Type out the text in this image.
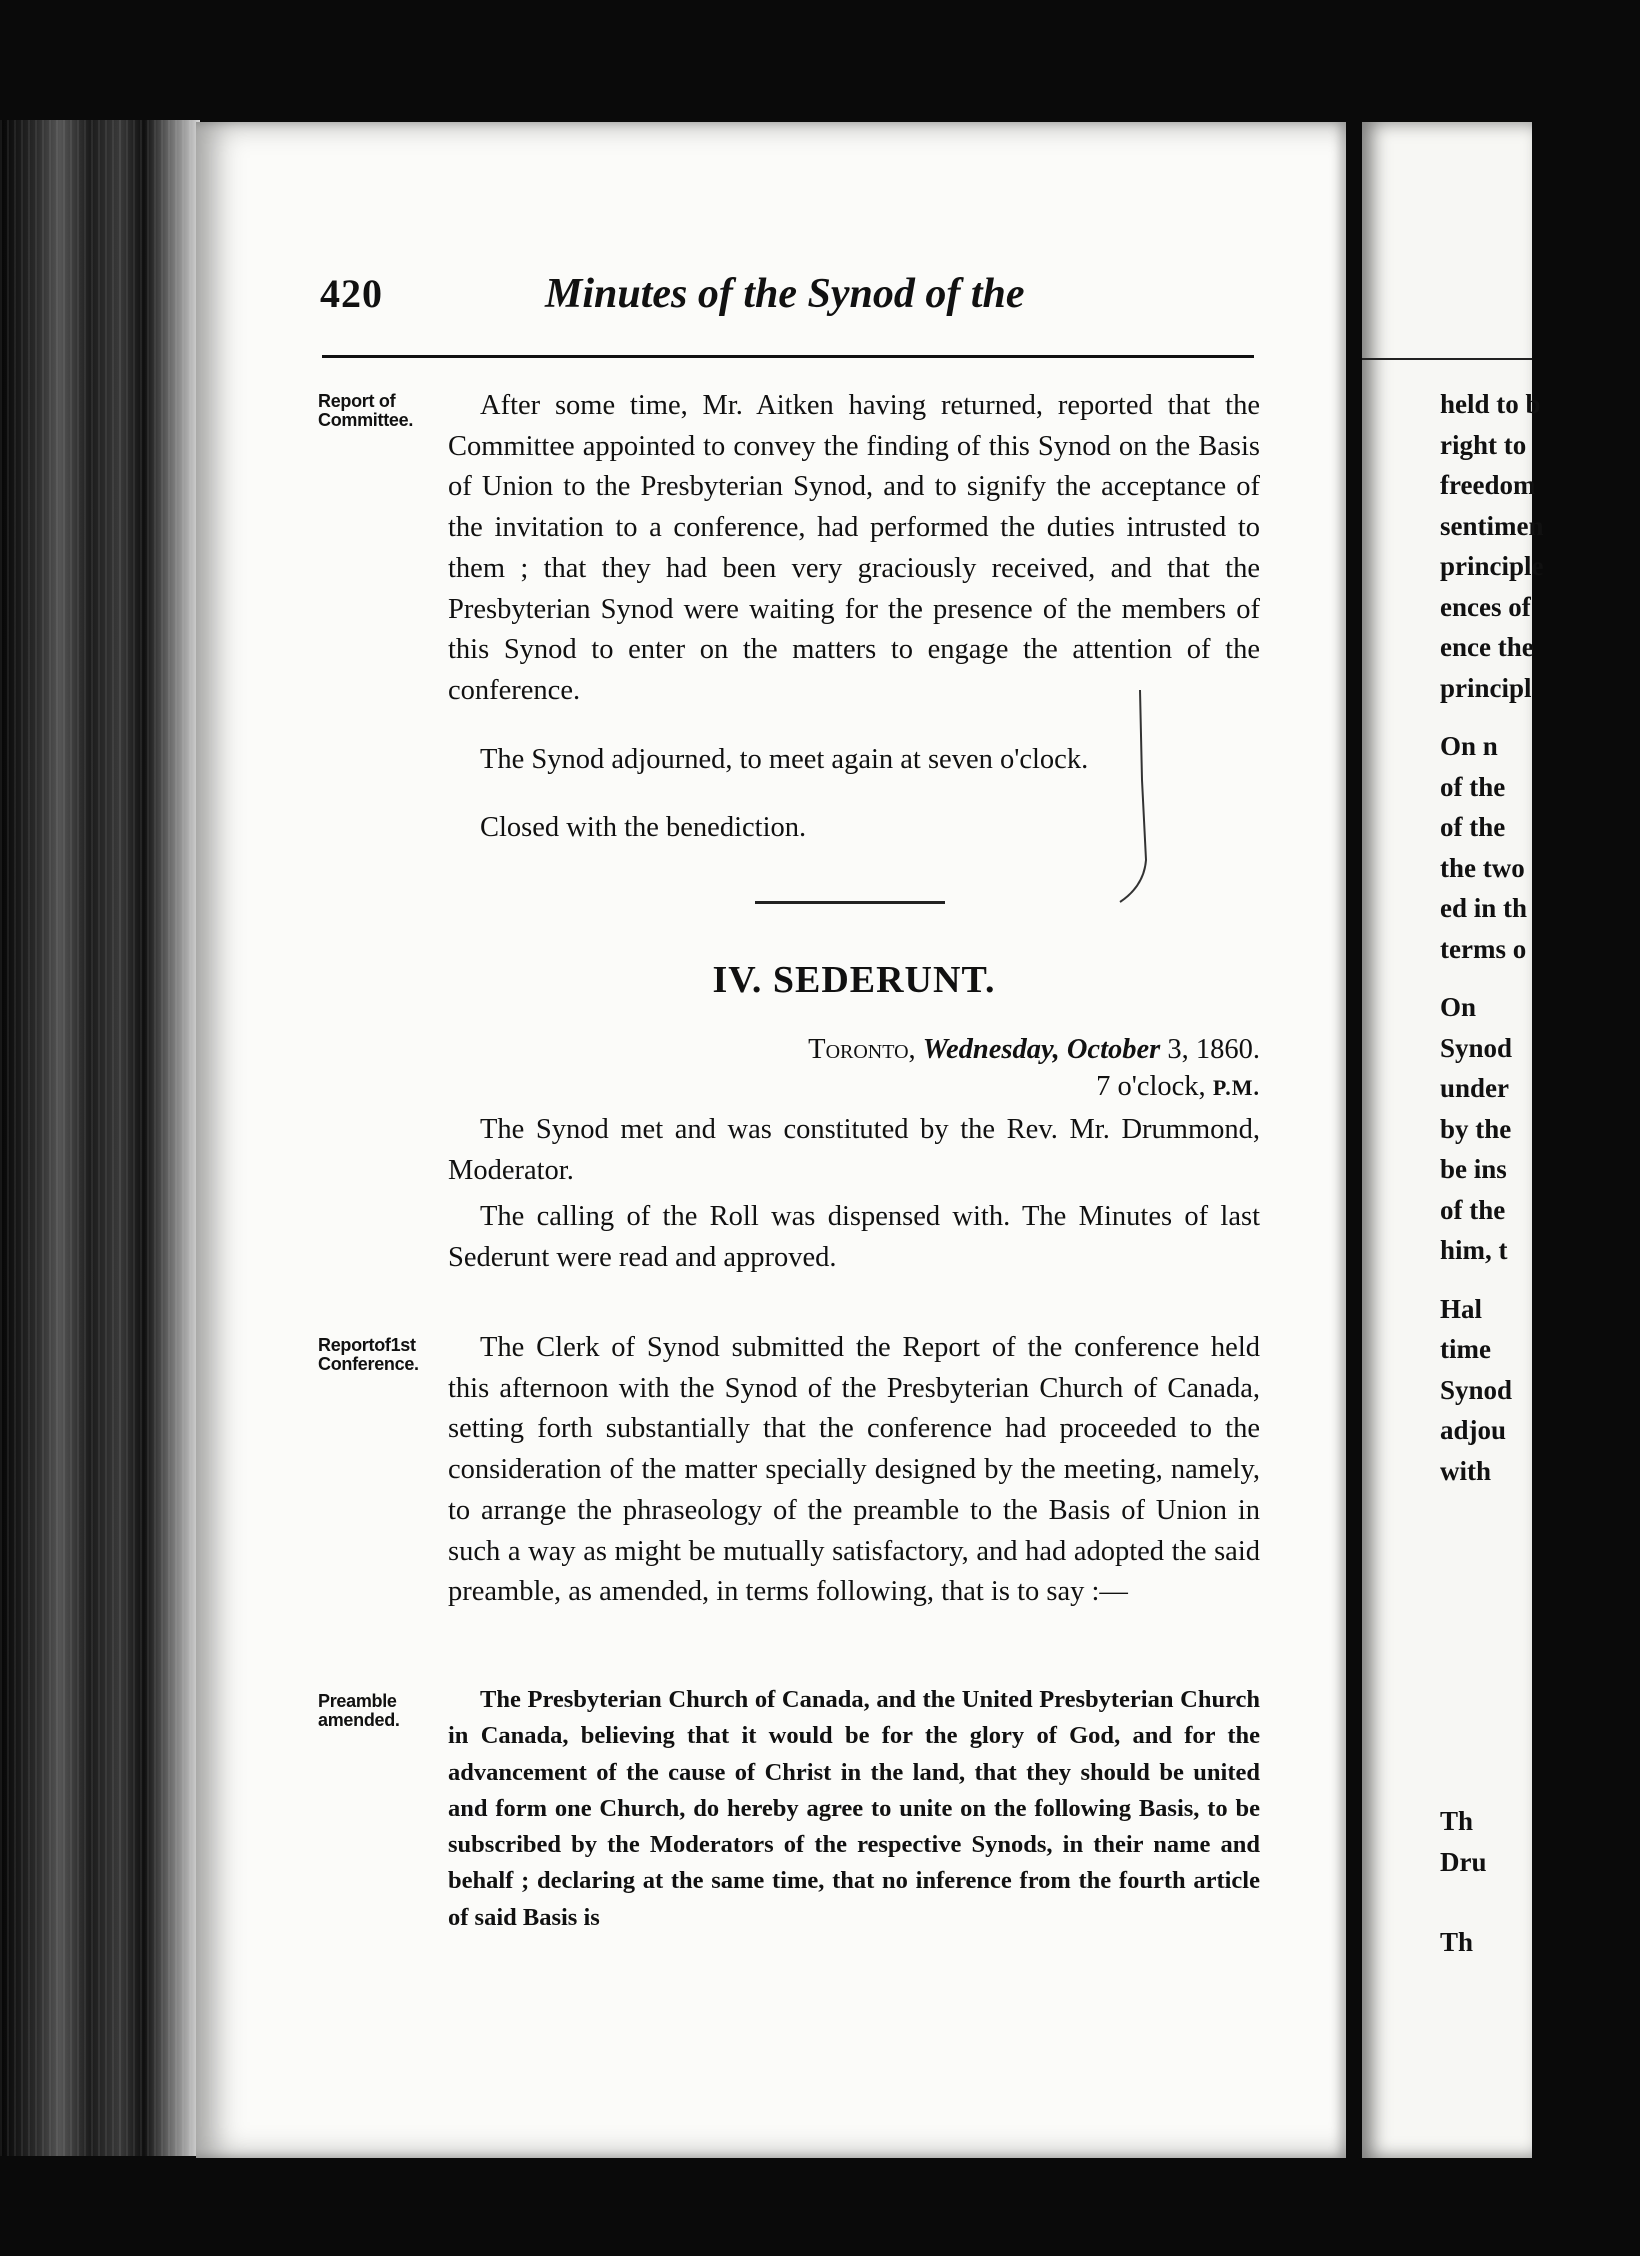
held to b
right to
freedom
sentimen
principle
ences of
ence the
principl
On n
of the
of the
the two
ed in th
terms o
On
Synod
under
by the
be ins
of the
him, t
Hal
time
Synod
adjou
with
Th
Dru
Th
420	Minutes of the Synod of the
Report of Committee.
Reportof1st Conference.
Preamble amended.
After some time, Mr. Aitken having returned, reported that the Committee appointed to convey the finding of this Synod on the Basis of Union to the Presbyterian Synod, and to signify the acceptance of the invitation to a conference, had performed the duties intrusted to them ; that they had been very graciously received, and that the Presbyterian Synod were waiting for the presence of the members of this Synod to enter on the matters to engage the attention of the conference.
The Synod adjourned, to meet again at seven o'clock.
Closed with the benediction.
IV. SEDERUNT.
Toronto, Wednesday, October 3, 1860.
7 o'clock, P.M.
The Synod met and was constituted by the Rev. Mr. Drummond, Moderator.
The calling of the Roll was dispensed with. The Minutes of last Sederunt were read and approved.
The Clerk of Synod submitted the Report of the conference held this afternoon with the Synod of the Presbyterian Church of Canada, setting forth substantially that the conference had proceeded to the consideration of the matter specially designed by the meeting, namely, to arrange the phraseology of the preamble to the Basis of Union in such a way as might be mutually satisfactory, and had adopted the said preamble, as amended, in terms following, that is to say :—
The Presbyterian Church of Canada, and the United Presbyterian Church in Canada, believing that it would be for the glory of God, and for the advancement of the cause of Christ in the land, that they should be united and form one Church, do hereby agree to unite on the following Basis, to be subscribed by the Moderators of the respective Synods, in their name and behalf ; declaring at the same time, that no inference from the fourth article of said Basis is
